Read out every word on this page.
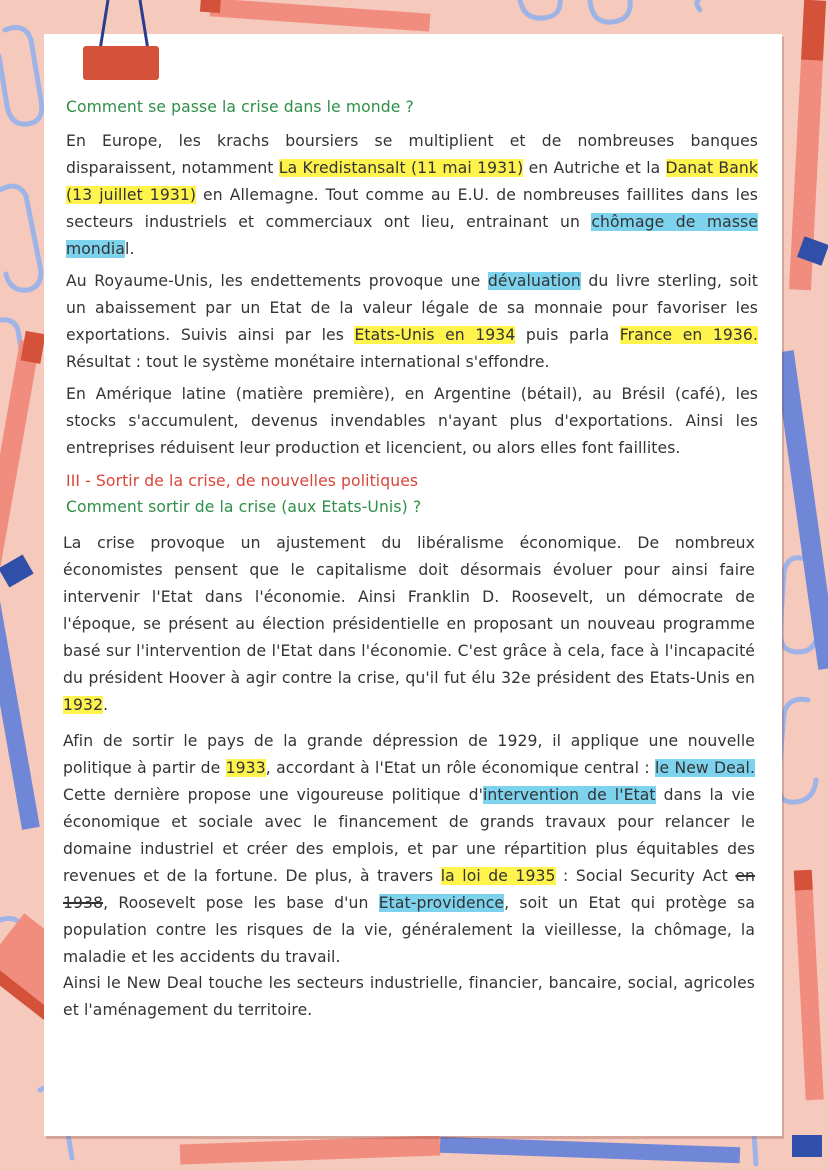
Comment se passe la crise dans le monde ?

En Europe, les krachs boursiers se multiplient et de nombreuses banques disparaissent, notamment La Kredistansalt (11 mai 1931) en Autriche et la Danat Bank (13 juillet 1931) en Allemagne. Tout comme au E.U. de nombreuses faillites dans les secteurs industriels et commerciaux ont lieu, entrainant un chômage de masse mondial.

Au Royaume-Unis, les endettements provoque une dévaluation du livre sterling, soit un abaissement par un Etat de la valeur légale de sa monnaie pour favoriser les exportations. Suivis ainsi par les Etats-Unis en 1934 puis parla France en 1936. Résultat : tout le système monétaire international s'effondre.

En Amérique latine (matière première), en Argentine (bétail), au Brésil (café), les stocks s'accumulent, devenus invendables n'ayant plus d'exportations. Ainsi les entreprises réduisent leur production et licencient, ou alors elles font faillites.

III - Sortir de la crise, de nouvelles politiques
Comment sortir de la crise (aux Etats-Unis) ?

La crise provoque un ajustement du libéralisme économique. De nombreux économistes pensent que le capitalisme doit désormais évoluer pour ainsi faire intervenir l'Etat dans l'économie. Ainsi Franklin D. Roosevelt, un démocrate de l'époque, se présent au élection présidentielle en proposant un nouveau programme basé sur l'intervention de l'Etat dans l'économie. C'est grâce à cela, face à l'incapacité du président Hoover à agir contre la crise, qu'il fut élu 32e président des Etats-Unis en 1932.

Afin de sortir le pays de la grande dépression de 1929, il applique une nouvelle politique à partir de 1933, accordant à l'Etat un rôle économique central : le New Deal. Cette dernière propose une vigoureuse politique d'intervention de l'Etat dans la vie économique et sociale avec le financement de grands travaux pour relancer le domaine industriel et créer des emplois, et par une répartition plus équitables des revenues et de la fortune. De plus, à travers la loi de 1935 : Social Security Act en 1938, Roosevelt pose les base d'un Etat-providence, soit un Etat qui protège sa population contre les risques de la vie, généralement la vieillesse, la chômage, la maladie et les accidents du travail.

Ainsi le New Deal touche les secteurs industrielle, financier, bancaire, social, agricoles et l'aménagement du territoire.
